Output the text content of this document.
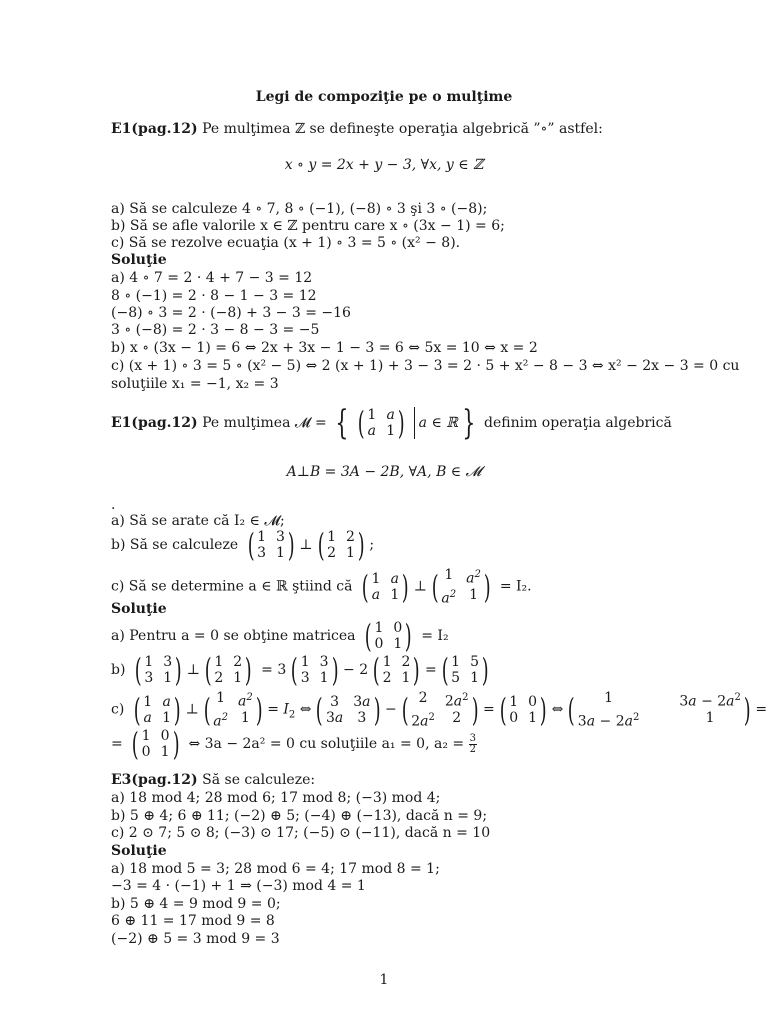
Legi de compoziţie pe o mulţime
E1(pag.12) Pe mulţimea ℤ se defineşte operaţia algebrică ”∘” astfel:
x ∘ y = 2x + y − 3, ∀x, y ∈ ℤ
a) Să se calculeze 4 ∘ 7, 8 ∘ (−1), (−8) ∘ 3 şi 3 ∘ (−8);
b) Să se afle valorile x ∈ ℤ pentru care x ∘ (3x − 1) = 6;
c) Să se rezolve ecuaţia (x + 1) ∘ 3 = 5 ∘ (x² − 8).
Soluţie
a) 4 ∘ 7 = 2 · 4 + 7 − 3 = 12
8 ∘ (−1) = 2 · 8 − 1 − 3 = 12
(−8) ∘ 3 = 2 · (−8) + 3 − 3 = −16
3 ∘ (−8) = 2 · 3 − 8 − 3 = −5
b) x ∘ (3x − 1) = 6 ⇔ 2x + 3x − 1 − 3 = 6 ⇔ 5x = 10 ⇔ x = 2
c) (x + 1) ∘ 3 = 5 ∘ (x² − 5) ⇔ 2 (x + 1) + 3 − 3 = 2 · 5 + x² − 8 − 3 ⇔ x² − 2x − 3 = 0 cu
soluţiile x₁ = −1, x₂ = 3
E1(pag.12) Pe mulţimea 𝓜 = { ( 1 a
a 1 ) a ∈ ℝ } definim operaţia algebrică
A⊥B = 3A − 2B, ∀A, B ∈ 𝓜
.
a) Să se arate că I₂ ∈ 𝓜;
b) Să se calculeze ( 1 3
3 1 ) ⊥ ( 1 2
2 1 ) ;
c) Să se determine a ∈ ℝ ştiind că ( 1 a
a 1 ) ⊥ ( 1 $a^2$
$a^2$ 1 ) = I₂.
Soluţie
a) Pentru a = 0 se obţine matricea ( 1 0
0 1 ) = I₂
b) ( 1 3
3 1 ) ⊥ ( 1 2
2 1 ) = 3 ( 1 3
3 1 ) − 2 ( 1 2
2 1 ) = ( 1 5
5 1 )
c) ( 1 a
a 1 ) ⊥ ( 1 $a^2$
$a^2$ 1 ) = $I_2$ ⇔ ( 3 3a
3a 3 ) − ( 2	$2a^2$
$2a^2$	2 ) = ( 1 0
0 1 ) ⇔ (	1	$3a - 2a^2$
$3a - 2a^2$	1 ) =
= ( 1 0
0 1 ) ⇔ 3a − 2a² = 0 cu soluţiile a₁ = 0, $a_2 = \frac{3}{2}$
E3(pag.12) Să se calculeze:
a) 18 mod 4; 28 mod 6; 17 mod 8; (−3) mod 4;
b) 5 ⊕ 4; 6 ⊕ 11; (−2) ⊕ 5; (−4) ⊕ (−13), dacă n = 9;
c) 2 ⊙ 7; 5 ⊙ 8; (−3) ⊙ 17; (−5) ⊙ (−11), dacă n = 10
Soluţie
a) 18 mod 5 = 3; 28 mod 6 = 4; 17 mod 8 = 1;
−3 = 4 · (−1) + 1 ⇒ (−3) mod 4 = 1
b) 5 ⊕ 4 = 9 mod 9 = 0;
6 ⊕ 11 = 17 mod 9 = 8
(−2) ⊕ 5 = 3 mod 9 = 3
1
